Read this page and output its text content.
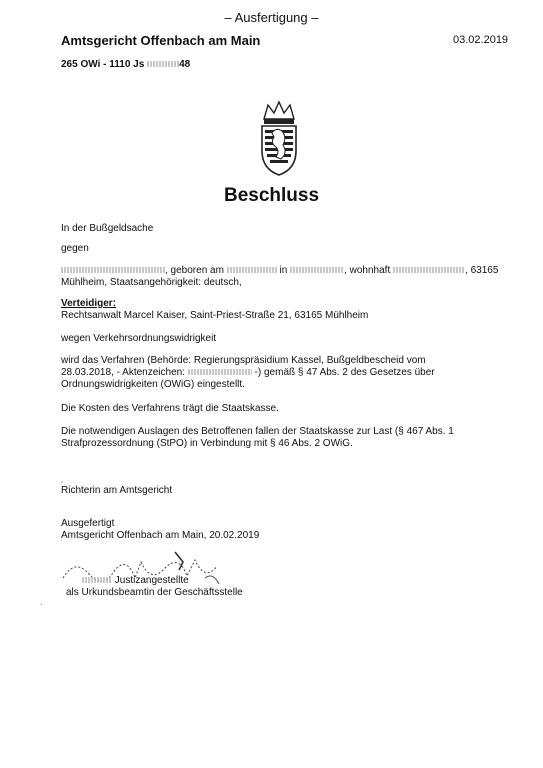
– Ausfertigung –
Amtsgericht Offenbach am Main	03.02.2019
265 OWi - 1110 Js	48
Beschluss
In der Bußgeldsache
gegen
, geboren am	in	, wohnhaft	, 63165
Mühlheim, Staatsangehörigkeit: deutsch,
Verteidiger:
Rechtsanwalt Marcel Kaiser, Saint-Priest-Straße 21, 63165 Mühlheim
wegen Verkehrsordnungswidrigkeit
wird das Verfahren (Behörde: Regierungspräsidium Kassel, Bußgeldbescheid vom
28.03.2018, - Aktenzeichen:	-) gemäß § 47 Abs. 2 des Gesetzes über
Ordnungswidrigkeiten (OWiG) eingestellt.
Die Kosten des Verfahrens trägt die Staatskasse.
Die notwendigen Auslagen des Betroffenen fallen der Staatskasse zur Last (§ 467 Abs. 1
Strafprozessordnung (StPO) in Verbindung mit § 46 Abs. 2 OWiG.
,
Richterin am Amtsgericht
Ausgefertigt
Amtsgericht Offenbach am Main, 20.02.2019
Justizangestellte
als Urkundsbeamtin der Geschäftsstelle
.
